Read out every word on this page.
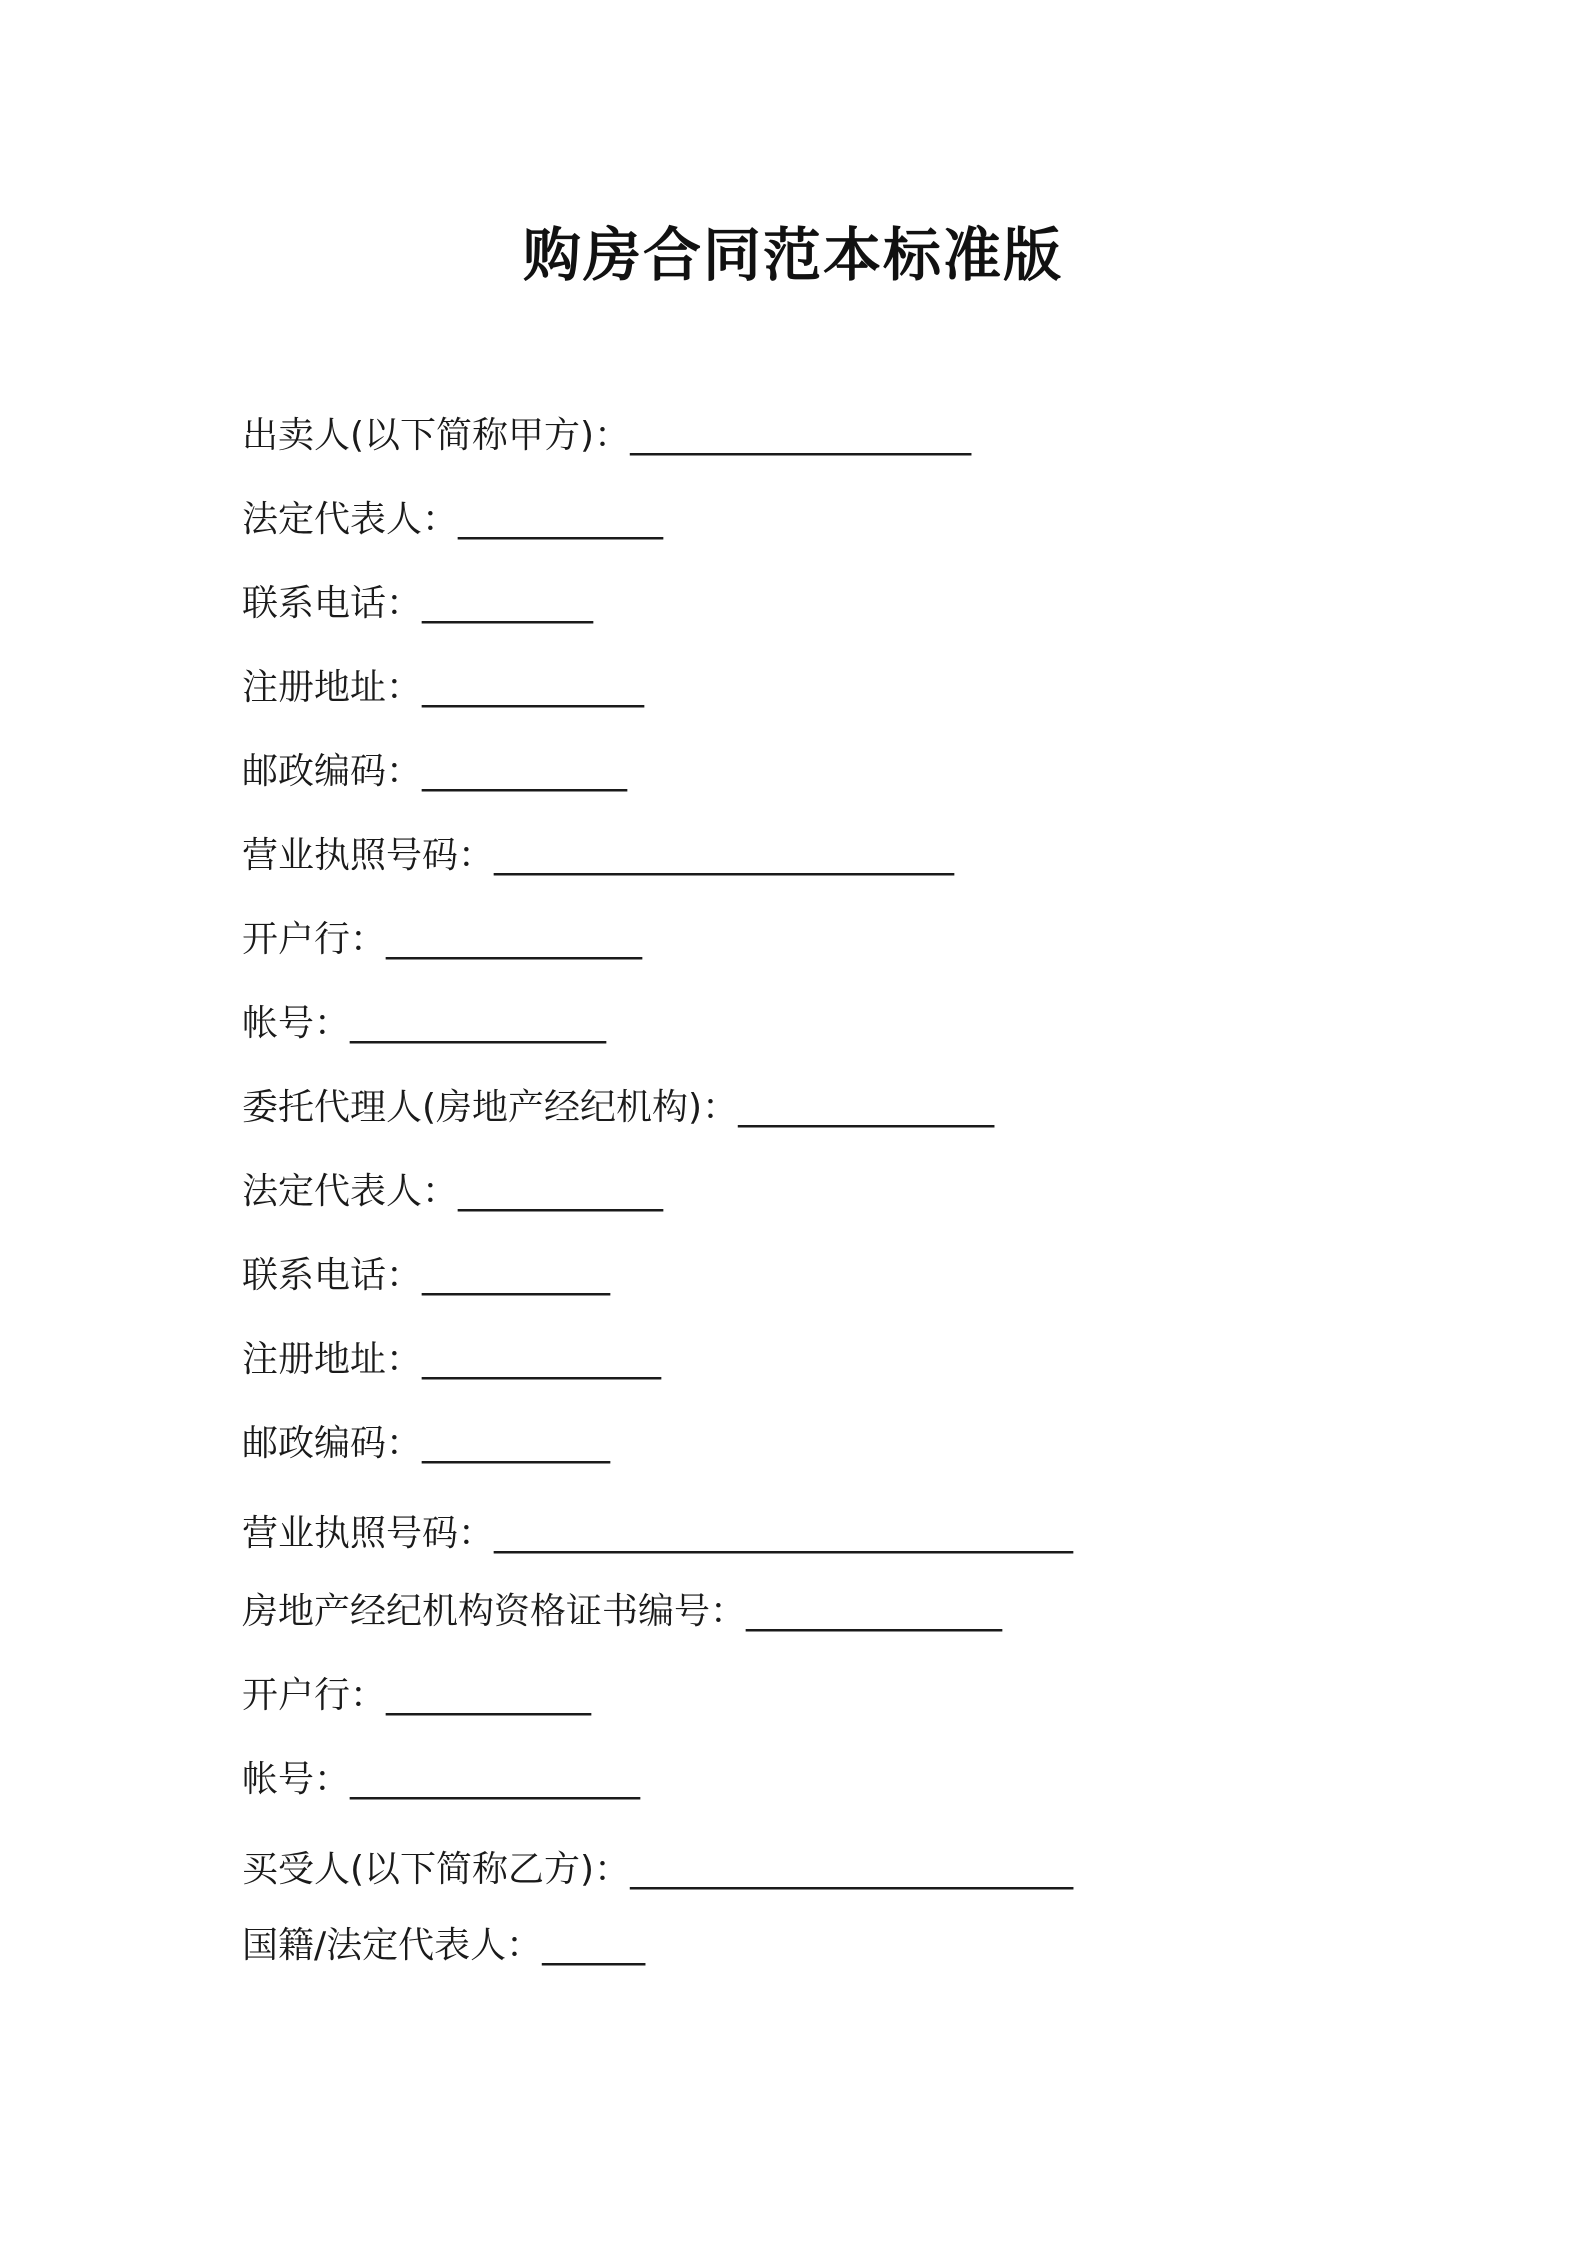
购房合同范本标准版
出卖人(以下简称甲方)：____________________
法定代表人：____________
联系电话：__________
注册地址：_____________
邮政编码：____________
营业执照号码：___________________________
开户行：_______________
帐号：_______________
委托代理人(房地产经纪机构)：_______________
法定代表人：____________
联系电话：___________
注册地址：______________
邮政编码：___________
营业执照号码：__________________________________
房地产经纪机构资格证书编号：_______________
开户行：____________
帐号：_________________
买受人(以下简称乙方)：__________________________
国籍/法定代表人：______
